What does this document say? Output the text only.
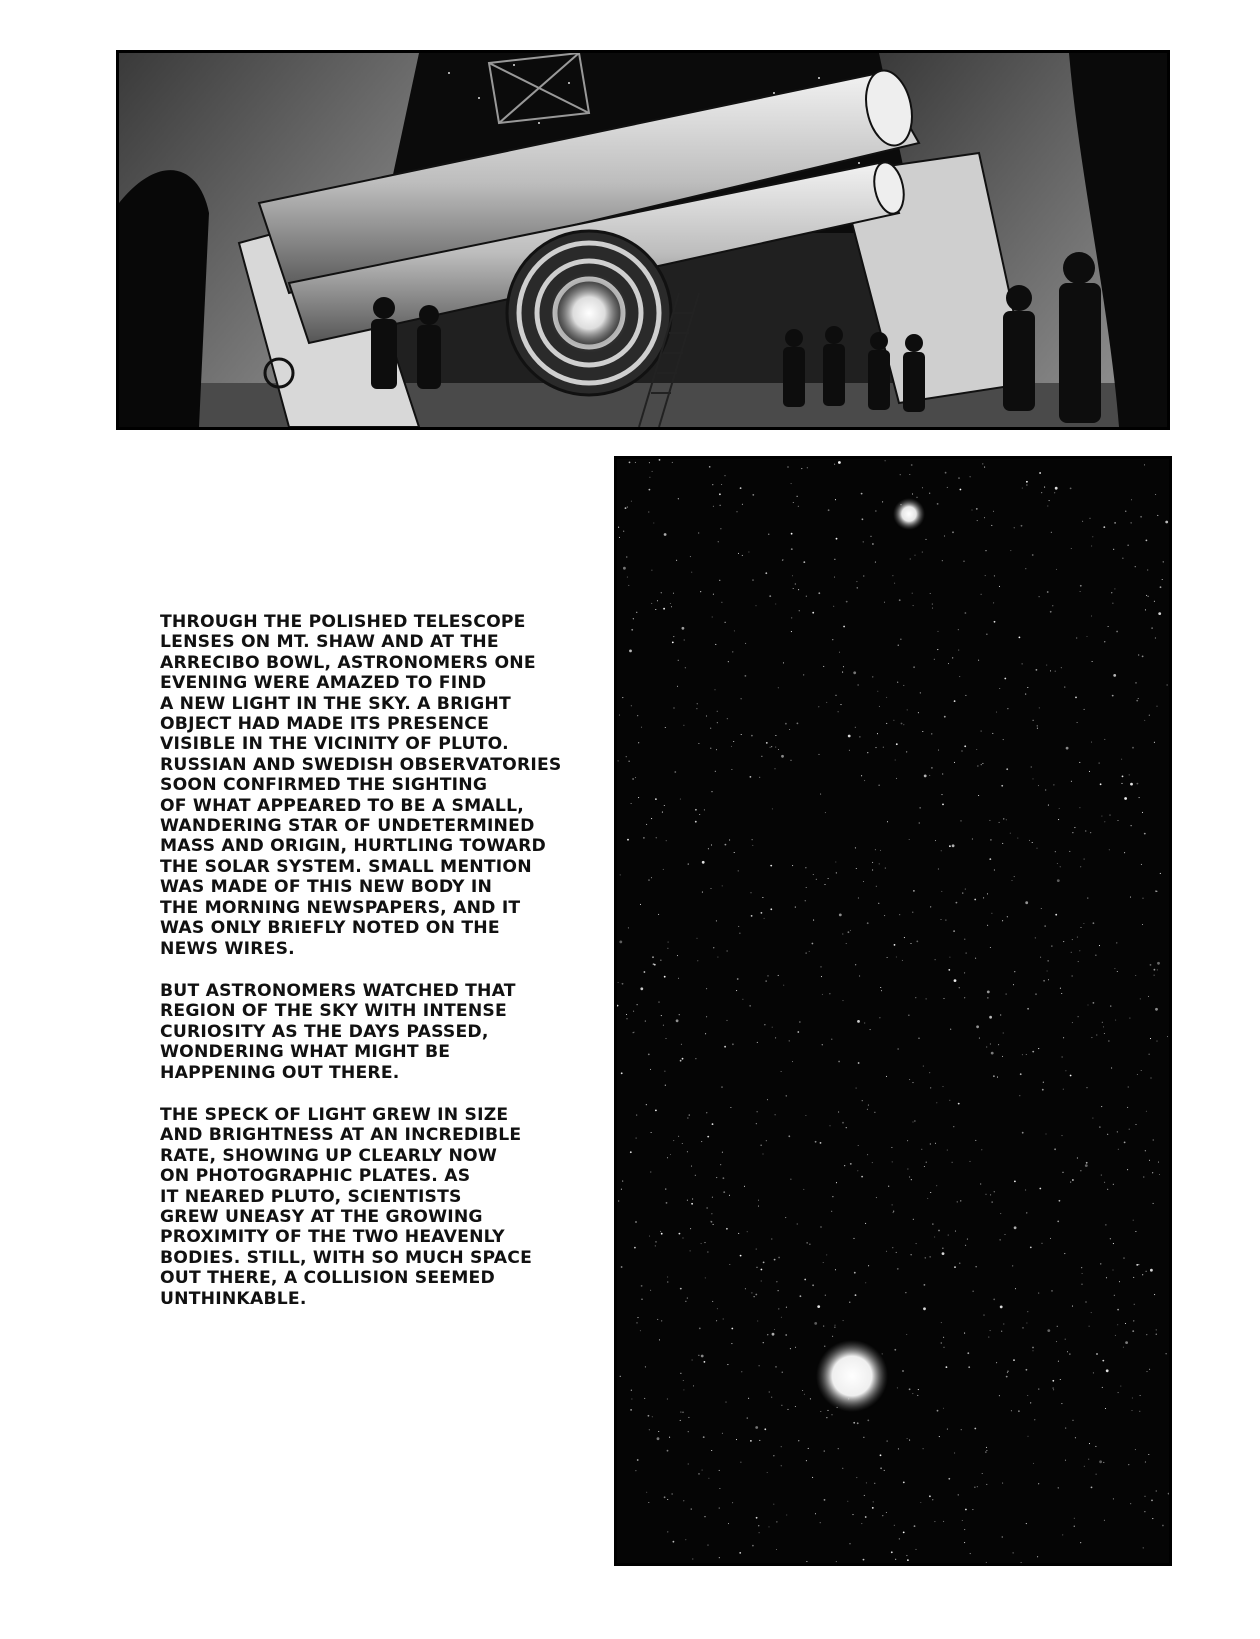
THROUGH THE POLISHED TELESCOPE
LENSES ON MT. SHAW AND AT THE
ARRECIBO BOWL, ASTRONOMERS ONE
EVENING WERE AMAZED TO FIND
A NEW LIGHT IN THE SKY. A BRIGHT
OBJECT HAD MADE ITS PRESENCE
VISIBLE IN THE VICINITY OF PLUTO.
RUSSIAN AND SWEDISH OBSERVATORIES
SOON CONFIRMED THE SIGHTING
OF WHAT APPEARED TO BE A SMALL,
WANDERING STAR OF UNDETERMINED
MASS AND ORIGIN, HURTLING TOWARD
THE SOLAR SYSTEM. SMALL MENTION
WAS MADE OF THIS NEW BODY IN
THE MORNING NEWSPAPERS, AND IT
WAS ONLY BRIEFLY NOTED ON THE
NEWS WIRES.

BUT ASTRONOMERS WATCHED THAT
REGION OF THE SKY WITH INTENSE
CURIOSITY AS THE DAYS PASSED,
WONDERING WHAT MIGHT BE
HAPPENING OUT THERE.

THE SPECK OF LIGHT GREW IN SIZE
AND BRIGHTNESS AT AN INCREDIBLE
RATE, SHOWING UP CLEARLY NOW
ON PHOTOGRAPHIC PLATES. AS
IT NEARED PLUTO, SCIENTISTS
GREW UNEASY AT THE GROWING
PROXIMITY OF THE TWO HEAVENLY
BODIES. STILL, WITH SO MUCH SPACE
OUT THERE, A COLLISION SEEMED
UNTHINKABLE.
